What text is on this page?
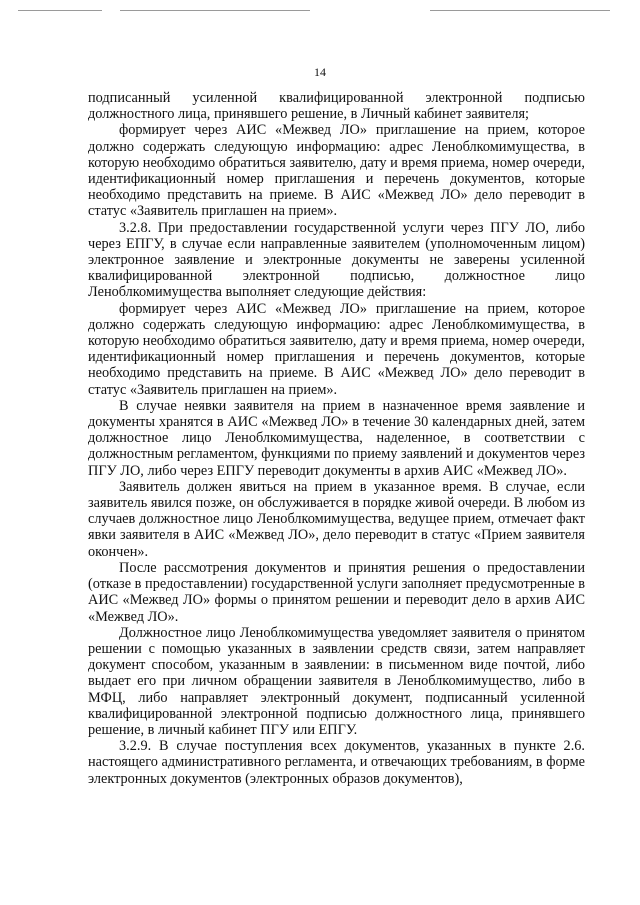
14

подписанный усиленной квалифицированной электронной подписью должностного лица, принявшего решение, в Личный кабинет заявителя;

формирует через АИС «Межвед ЛО» приглашение на прием, которое должно содержать следующую информацию: адрес Леноблкомимущества, в которую необходимо обратиться заявителю, дату и время приема, номер очереди, идентификационный номер приглашения и перечень документов, которые необходимо представить на приеме. В АИС «Межвед ЛО» дело переводит в статус «Заявитель приглашен на прием».

3.2.8. При предоставлении государственной услуги через ПГУ ЛО, либо через ЕПГУ, в случае если направленные заявителем (уполномоченным лицом) электронное заявление и электронные документы не заверены усиленной квалифицированной электронной подписью, должностное лицо Леноблкомимущества выполняет следующие действия:

формирует через АИС «Межвед ЛО» приглашение на прием, которое должно содержать следующую информацию: адрес Леноблкомимущества, в которую необходимо обратиться заявителю, дату и время приема, номер очереди, идентификационный номер приглашения и перечень документов, которые необходимо представить на приеме. В АИС «Межвед ЛО» дело переводит в статус «Заявитель приглашен на прием».

В случае неявки заявителя на прием в назначенное время заявление и документы хранятся в АИС «Межвед ЛО» в течение 30 календарных дней, затем должностное лицо Леноблкомимущества, наделенное, в соответствии с должностным регламентом, функциями по приему заявлений и документов через ПГУ ЛО, либо через ЕПГУ переводит документы в архив АИС «Межвед ЛО».

Заявитель должен явиться на прием в указанное время. В случае, если заявитель явился позже, он обслуживается в порядке живой очереди. В любом из случаев должностное лицо Леноблкомимущества, ведущее прием, отмечает факт явки заявителя в АИС «Межвед ЛО», дело переводит в статус «Прием заявителя окончен».

После рассмотрения документов и принятия решения о предоставлении (отказе в предоставлении) государственной услуги заполняет предусмотренные в АИС «Межвед ЛО» формы о принятом решении и переводит дело в архив АИС «Межвед ЛО».

Должностное лицо Леноблкомимущества уведомляет заявителя о принятом решении с помощью указанных в заявлении средств связи, затем направляет документ способом, указанным в заявлении: в письменном виде почтой, либо выдает его при личном обращении заявителя в Леноблкомимущество, либо в МФЦ, либо направляет электронный документ, подписанный усиленной квалифицированной электронной подписью должностного лица, принявшего решение, в личный кабинет ПГУ или ЕПГУ.

3.2.9. В случае поступления всех документов, указанных в пункте 2.6. настоящего административного регламента, и отвечающих требованиям, в форме электронных документов (электронных образов документов),
